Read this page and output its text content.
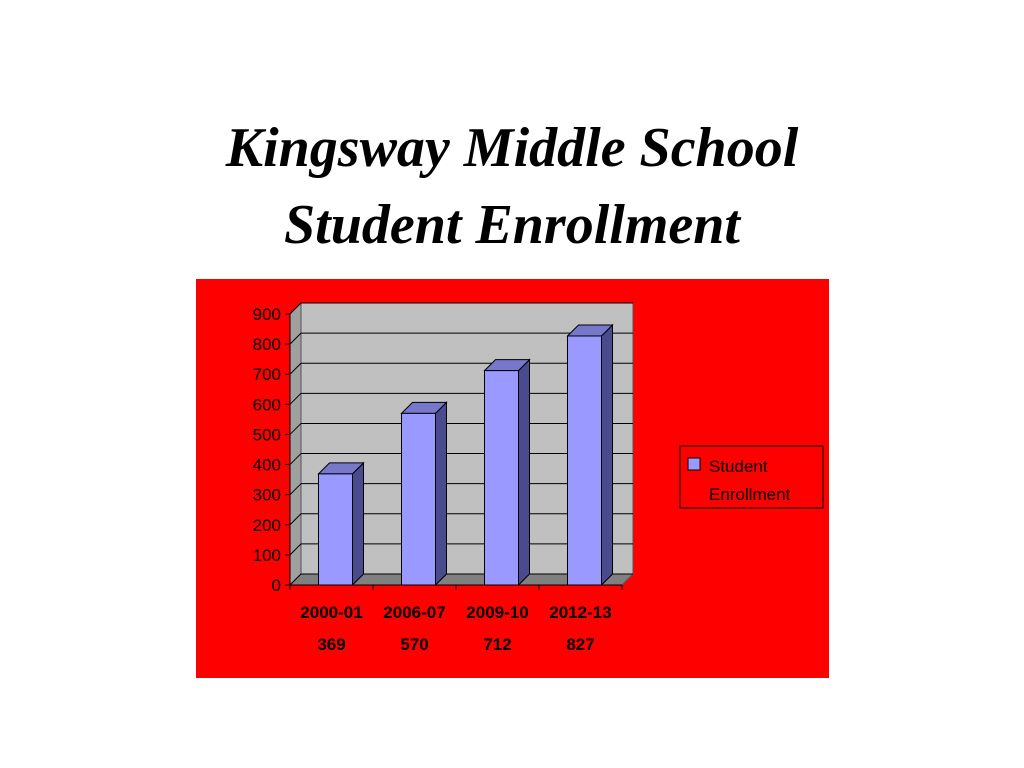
Kingsway Middle School
Student Enrollment
0
100
200
300
400
500
600
700
800
900
2000-01
369
2006-07
570
2009-10
712
2012-13
827
Student
Enrollment
